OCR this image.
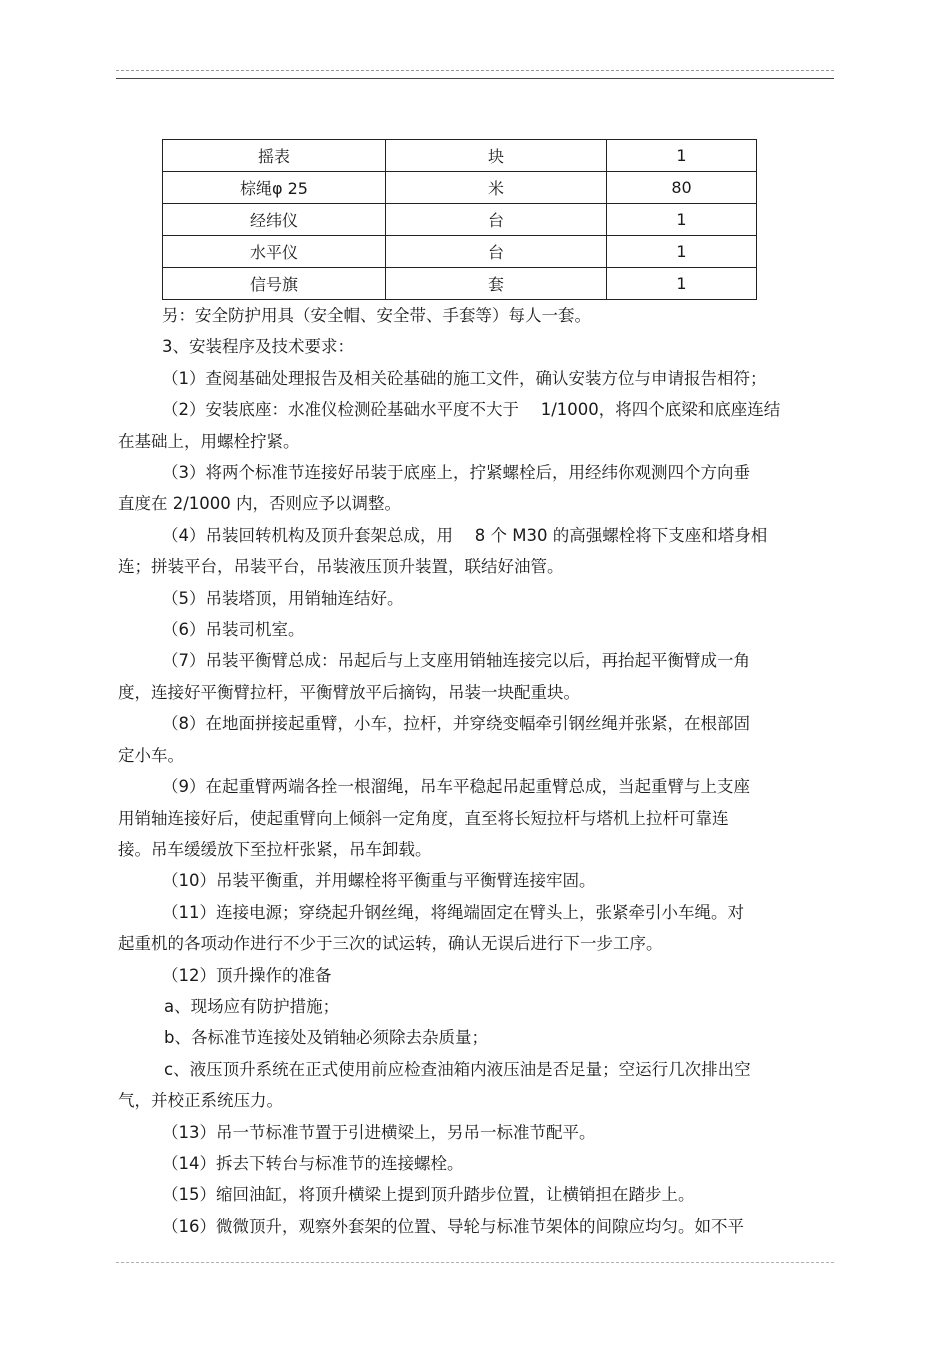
摇表	块	1
棕绳φ 25	米	80
经纬仪	台	1
水平仪	台	1
信号旗	套	1

另：安全防护用具（安全帽、安全带、手套等）每人一套。

3、安装程序及技术要求：

（1）查阅基础处理报告及相关砼基础的施工文件，确认安装方位与申请报告相符；

（2）安装底座：水准仪检测砼基础水平度不大于　 1/1000，将四个底梁和底座连结

在基础上，用螺栓拧紧。

（3）将两个标准节连接好吊装于底座上，拧紧螺栓后，用经纬你观测四个方向垂

直度在 2/1000 内，否则应予以调整。

（4）吊装回转机构及顶升套架总成，用　 8 个 M30 的高强螺栓将下支座和塔身相

连；拼装平台，吊装平台，吊装液压顶升装置，联结好油管。

（5）吊装塔顶，用销轴连结好。

（6）吊装司机室。

（7）吊装平衡臂总成：吊起后与上支座用销轴连接完以后，再抬起平衡臂成一角

度，连接好平衡臂拉杆，平衡臂放平后摘钩，吊装一块配重块。

（8）在地面拼接起重臂，小车，拉杆，并穿绕变幅牵引钢丝绳并张紧，在根部固

定小车。

（9）在起重臂两端各拴一根溜绳，吊车平稳起吊起重臂总成，当起重臂与上支座

用销轴连接好后，使起重臂向上倾斜一定角度，直至将长短拉杆与塔机上拉杆可靠连

接。吊车缓缓放下至拉杆张紧，吊车卸载。

（10）吊装平衡重，并用螺栓将平衡重与平衡臂连接牢固。

（11）连接电源；穿绕起升钢丝绳，将绳端固定在臂头上，张紧牵引小车绳。对

起重机的各项动作进行不少于三次的试运转，确认无误后进行下一步工序。

（12）顶升操作的准备

a、现场应有防护措施；

b、各标准节连接处及销轴必须除去杂质量；

c、液压顶升系统在正式使用前应检查油箱内液压油是否足量；空运行几次排出空

气，并校正系统压力。

（13）吊一节标准节置于引进横梁上，另吊一标准节配平。

（14）拆去下转台与标准节的连接螺栓。

（15）缩回油缸，将顶升横梁上提到顶升踏步位置，让横销担在踏步上。

（16）微微顶升，观察外套架的位置、导轮与标准节架体的间隙应均匀。如不平
